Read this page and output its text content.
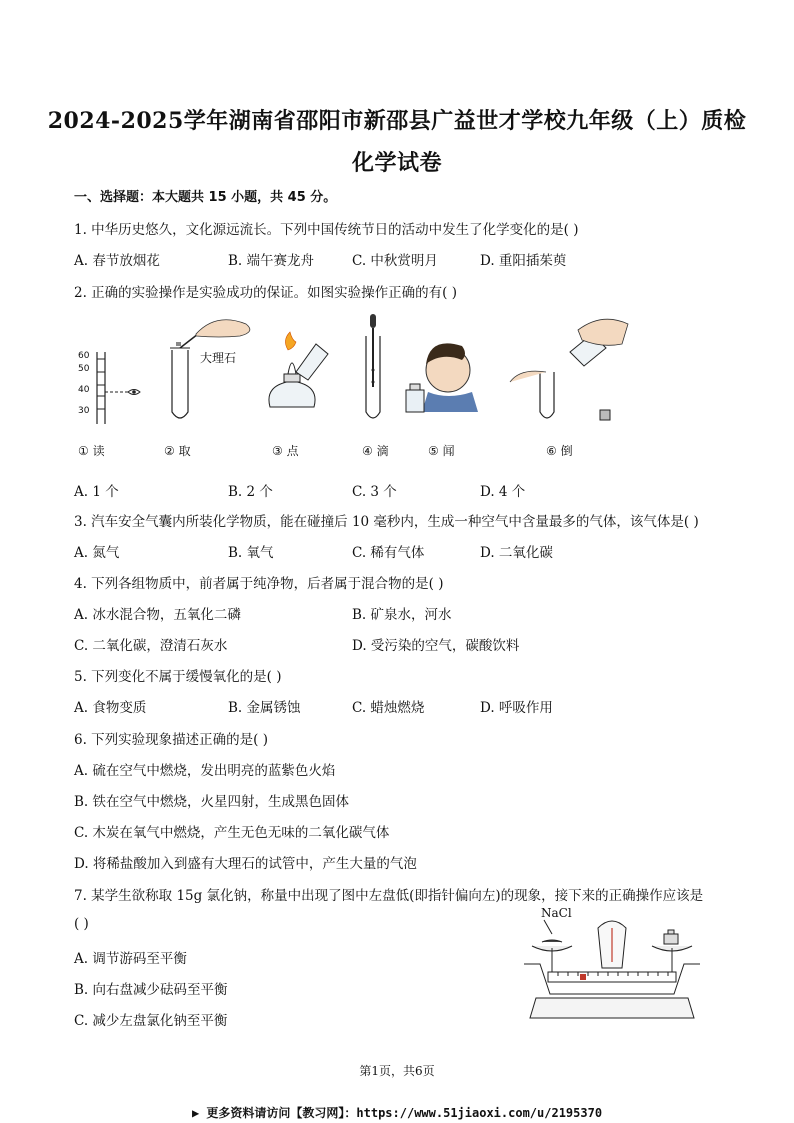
2024-2025学年湖南省邵阳市新邵县广益世才学校九年级（上）质检
化学试卷
一、选择题：本大题共 15 小题，共 45 分。
1. 中华历史悠久，文化源远流长。下列中国传统节日的活动中发生了化学变化的是( )
A. 春节放烟花	B. 端午赛龙舟	C. 中秋赏明月	D. 重阳插茱萸
2. 正确的实验操作是实验成功的保证。如图实验操作正确的有( )
大理石
60
50
40
30
① 读	② 取	③ 点	④ 滴	⑤ 闻	⑥ 倒
A. 1 个	B. 2 个	C. 3 个	D. 4 个
3. 汽车安全气囊内所装化学物质，能在碰撞后 10 毫秒内，生成一种空气中含量最多的气体，该气体是( )
A. 氮气	B. 氧气	C. 稀有气体	D. 二氧化碳
4. 下列各组物质中，前者属于纯净物，后者属于混合物的是( )
A. 冰水混合物，五氧化二磷	B. 矿泉水，河水
C. 二氧化碳，澄清石灰水	D. 受污染的空气，碳酸饮料
5. 下列变化不属于缓慢氧化的是( )
A. 食物变质	B. 金属锈蚀	C. 蜡烛燃烧	D. 呼吸作用
6. 下列实验现象描述正确的是( )
A. 硫在空气中燃烧，发出明亮的蓝紫色火焰
B. 铁在空气中燃烧，火星四射，生成黑色固体
C. 木炭在氧气中燃烧，产生无色无味的二氧化碳气体
D. 将稀盐酸加入到盛有大理石的试管中，产生大量的气泡
7. 某学生欲称取 15g 氯化钠，称量中出现了图中左盘低(即指针偏向左)的现象，接下来的正确操作应该是
( )
A. 调节游码至平衡
B. 向右盘减少砝码至平衡
C. 减少左盘氯化钠至平衡
NaCl
第1页，共6页
▶ 更多资料请访问【教习网】：https://www.51jiaoxi.com/u/2195370
